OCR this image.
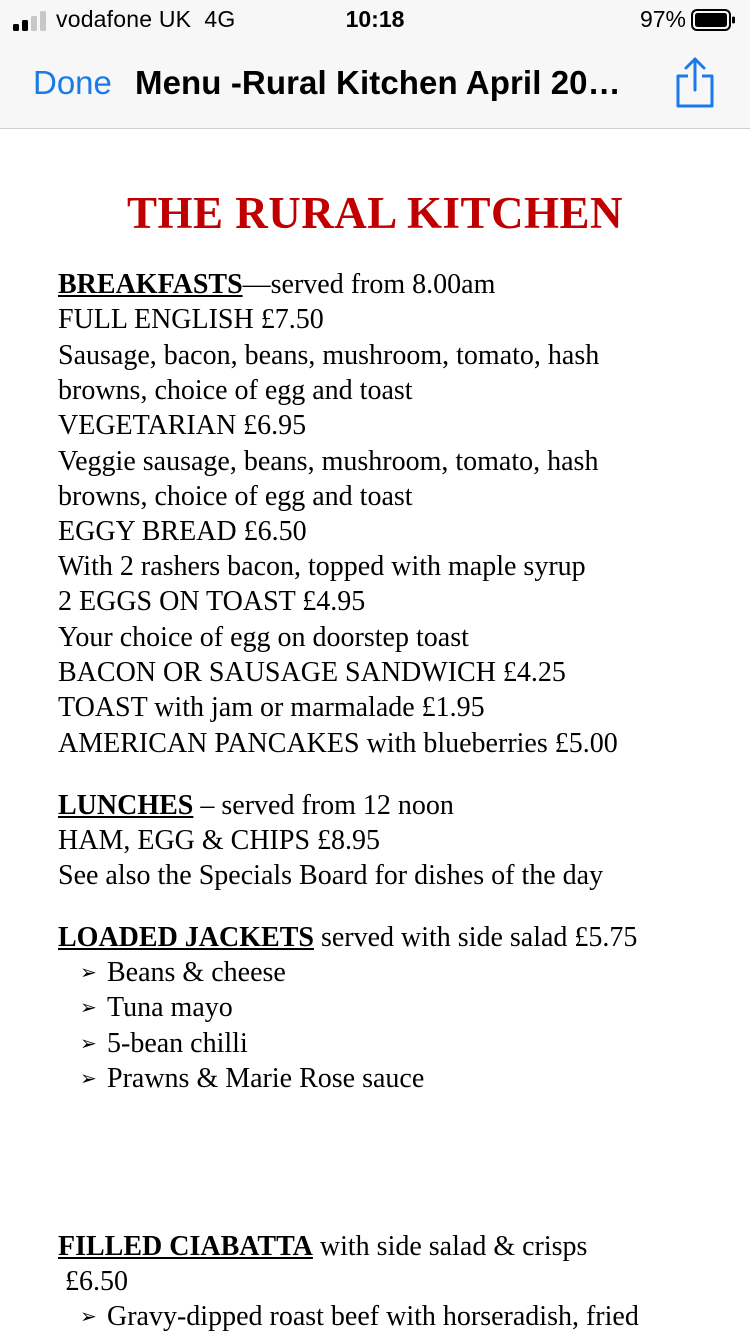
vodafone UK 4G	10:18	97%
Done Menu -Rural Kitchen April 20…
THE RURAL KITCHEN
BREAKFASTS—served from 8.00am
FULL ENGLISH £7.50
Sausage, bacon, beans, mushroom, tomato, hash
browns, choice of egg and toast
VEGETARIAN £6.95
Veggie sausage, beans, mushroom, tomato, hash
browns, choice of egg and toast
EGGY BREAD £6.50
With 2 rashers bacon, topped with maple syrup
2 EGGS ON TOAST £4.95
Your choice of egg on doorstep toast
BACON OR SAUSAGE SANDWICH £4.25
TOAST with jam or marmalade £1.95
AMERICAN PANCAKES with blueberries £5.00
LUNCHES – served from 12 noon
HAM, EGG & CHIPS £8.95
See also the Specials Board for dishes of the day
LOADED JACKETS served with side salad £5.75
➢ Beans & cheese
➢ Tuna mayo
➢ 5-bean chilli
➢ Prawns & Marie Rose sauce
FILLED CIABATTA with side salad & crisps
£6.50
➢ Gravy-dipped roast beef with horseradish, fried
